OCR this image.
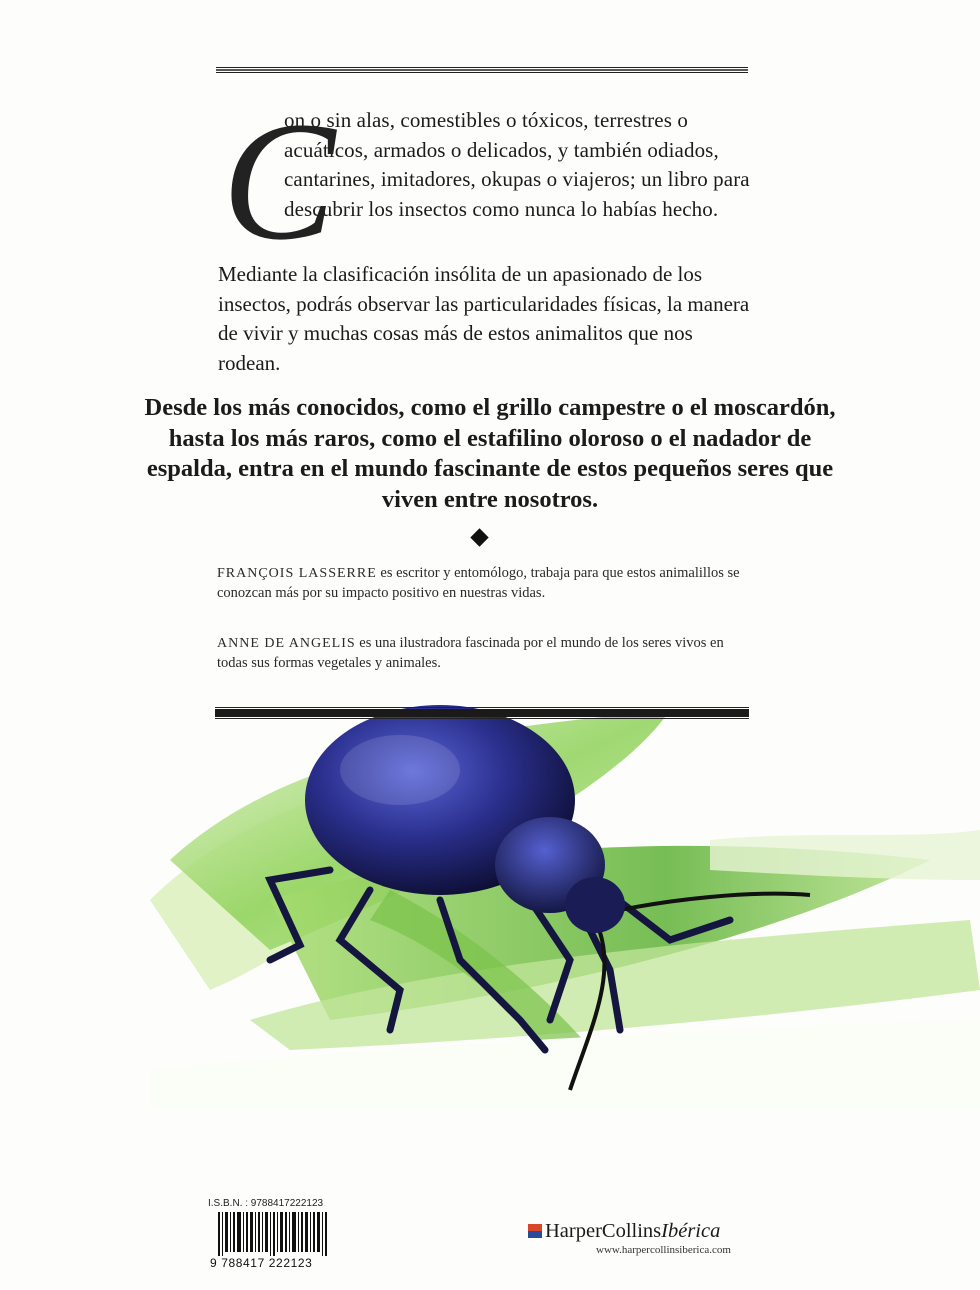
C
on o sin alas, comestibles o tóxicos, terrestres o acuáticos, armados o delicados, y también odiados, cantarines, imitadores, okupas o viajeros; un libro para descubrir los insectos como nunca lo habías hecho.
Mediante la clasificación insólita de un apasionado de los insectos, podrás observar las particularidades físicas, la manera de vivir y muchas cosas más de estos animalitos que nos rodean.
Desde los más conocidos, como el grillo campestre o el moscardón, hasta los más raros, como el estafilino oloroso o el nadador de espalda, entra en el mundo fascinante de estos pequeños seres que viven entre nosotros.
FRANÇOIS LASSERRE es escritor y entomólogo, trabaja para que estos animalillos se conozcan más por su impacto positivo en nuestras vidas.
ANNE DE ANGELIS es una ilustradora fascinada por el mundo de los seres vivos en todas sus formas vegetales y animales.
I.S.B.N. : 9788417222123
9 788417 222123
HarperCollinsIbérica
www.harpercollinsiberica.com
